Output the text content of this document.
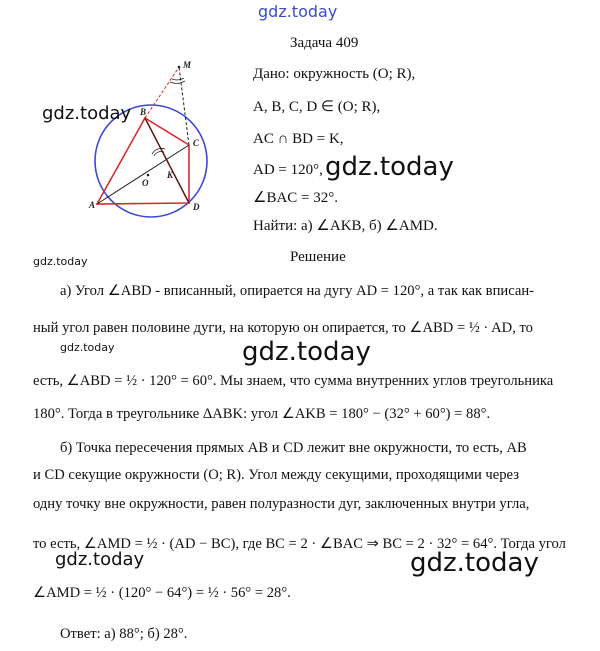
gdz.today
M
B
C
O
K
A	D
gdz.today
Задача 409
Дано: окружность (O; R),
A, B, C, D ∈ (O; R),
AC ∩ BD = K,
AD = 120°,
∠BAC = 32°.
Найти: а) ∠AKB, б) ∠AMD.
gdz.today
gdz.today	Решение
а) Угол ∠ABD - вписанный, опирается на дугу AD = 120°, а так как вписан-
ный угол равен половине дуги, на которую он опирается, то ∠ABD = ½ · AD, то
gdz.today	gdz.today
есть, ∠ABD = ½ · 120° = 60°. Мы знаем, что сумма внутренних углов треугольника
180°. Тогда в треугольнике ΔABK: угол ∠AKB = 180° − (32° + 60°) = 88°.
б) Точка пересечения прямых AB и CD лежит вне окружности, то есть, AB
и CD секущие окружности (O; R). Угол между секущими, проходящими через
одну точку вне окружности, равен полуразности дуг, заключенных внутри угла,
то есть, ∠AMD = ½ · (AD − BC), где BC = 2 · ∠BAC ⇒ BC = 2 · 32° = 64°. Тогда угол
gdz.today	gdz.today
∠AMD = ½ · (120° − 64°) = ½ · 56° = 28°.
Ответ: а) 88°; б) 28°.
